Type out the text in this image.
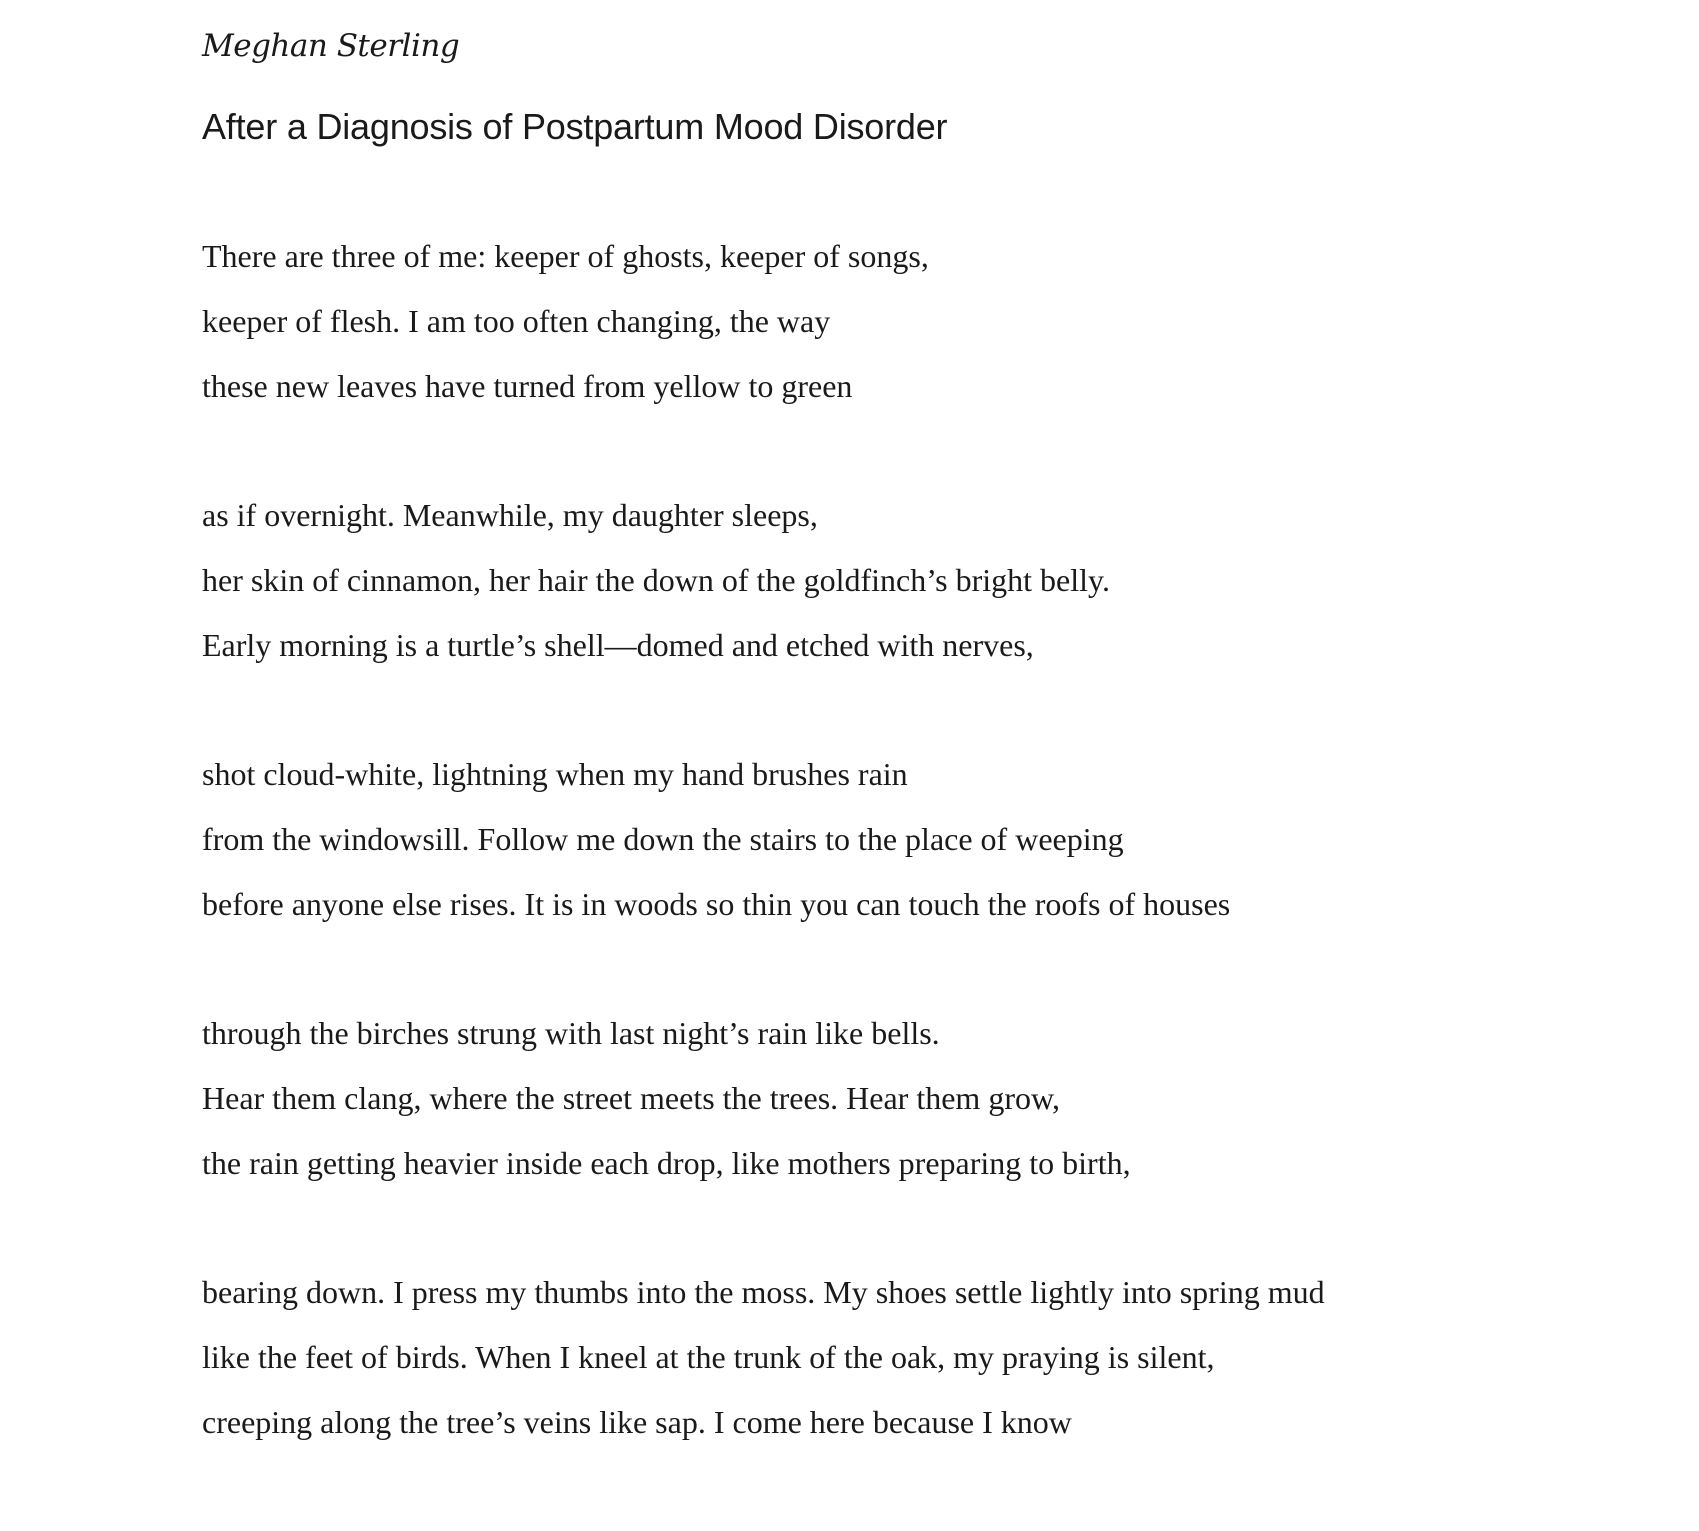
Meghan Sterling
After a Diagnosis of Postpartum Mood Disorder
There are three of me: keeper of ghosts, keeper of songs,
keeper of flesh. I am too often changing, the way
these new leaves have turned from yellow to green
as if overnight. Meanwhile, my daughter sleeps,
her skin of cinnamon, her hair the down of the goldfinch’s bright belly.
Early morning is a turtle’s shell—domed and etched with nerves,
shot cloud-white, lightning when my hand brushes rain
from the windowsill. Follow me down the stairs to the place of weeping
before anyone else rises. It is in woods so thin you can touch the roofs of houses
through the birches strung with last night’s rain like bells.
Hear them clang, where the street meets the trees. Hear them grow,
the rain getting heavier inside each drop, like mothers preparing to birth,
bearing down. I press my thumbs into the moss. My shoes settle lightly into spring mud
like the feet of birds. When I kneel at the trunk of the oak, my praying is silent,
creeping along the tree’s veins like sap. I come here because I know
